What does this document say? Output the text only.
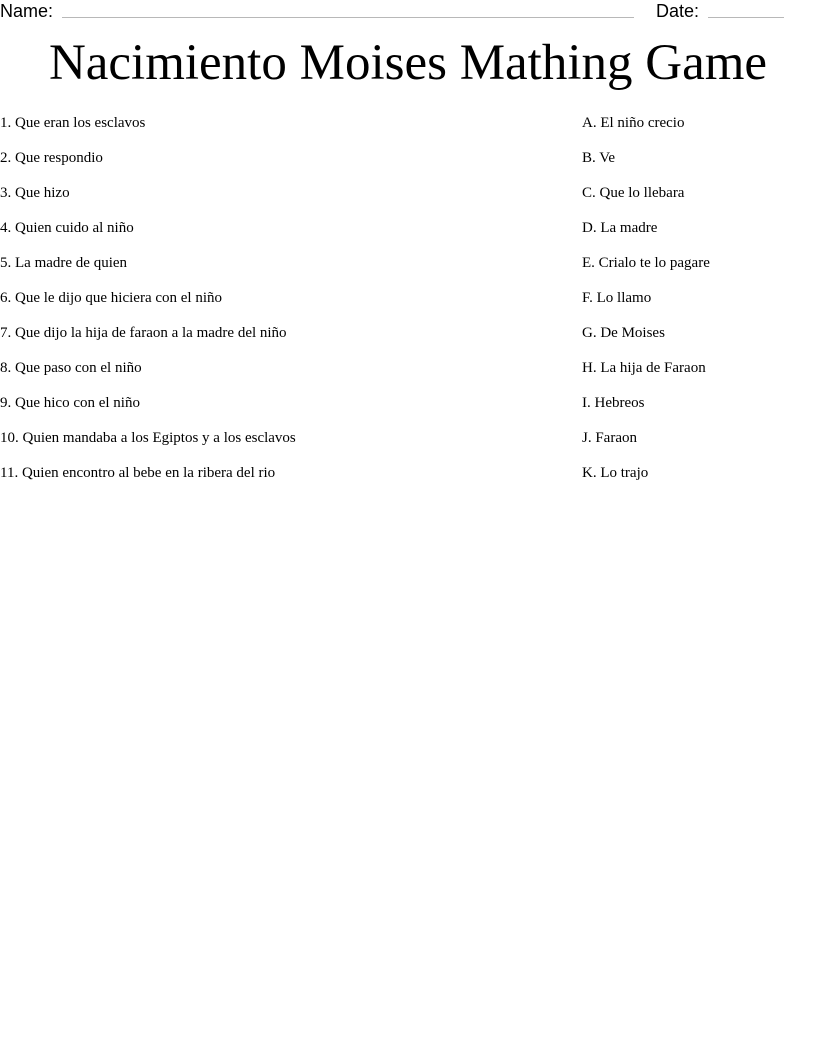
Name:	Date:
Nacimiento Moises Mathing Game
1. Que eran los esclavos
2. Que respondio
3. Que hizo
4. Quien cuido al niño
5. La madre de quien
6. Que le dijo que hiciera con el niño
7. Que dijo la hija de faraon a la madre del niño
8. Que paso con el niño
9. Que hico con el niño
10. Quien mandaba a los Egiptos y a los esclavos
11. Quien encontro al bebe en la ribera del rio
A. El niño crecio
B. Ve
C. Que lo llebara
D. La madre
E. Crialo te lo pagare
F. Lo llamo
G. De Moises
H. La hija de Faraon
I. Hebreos
J. Faraon
K. Lo trajo
